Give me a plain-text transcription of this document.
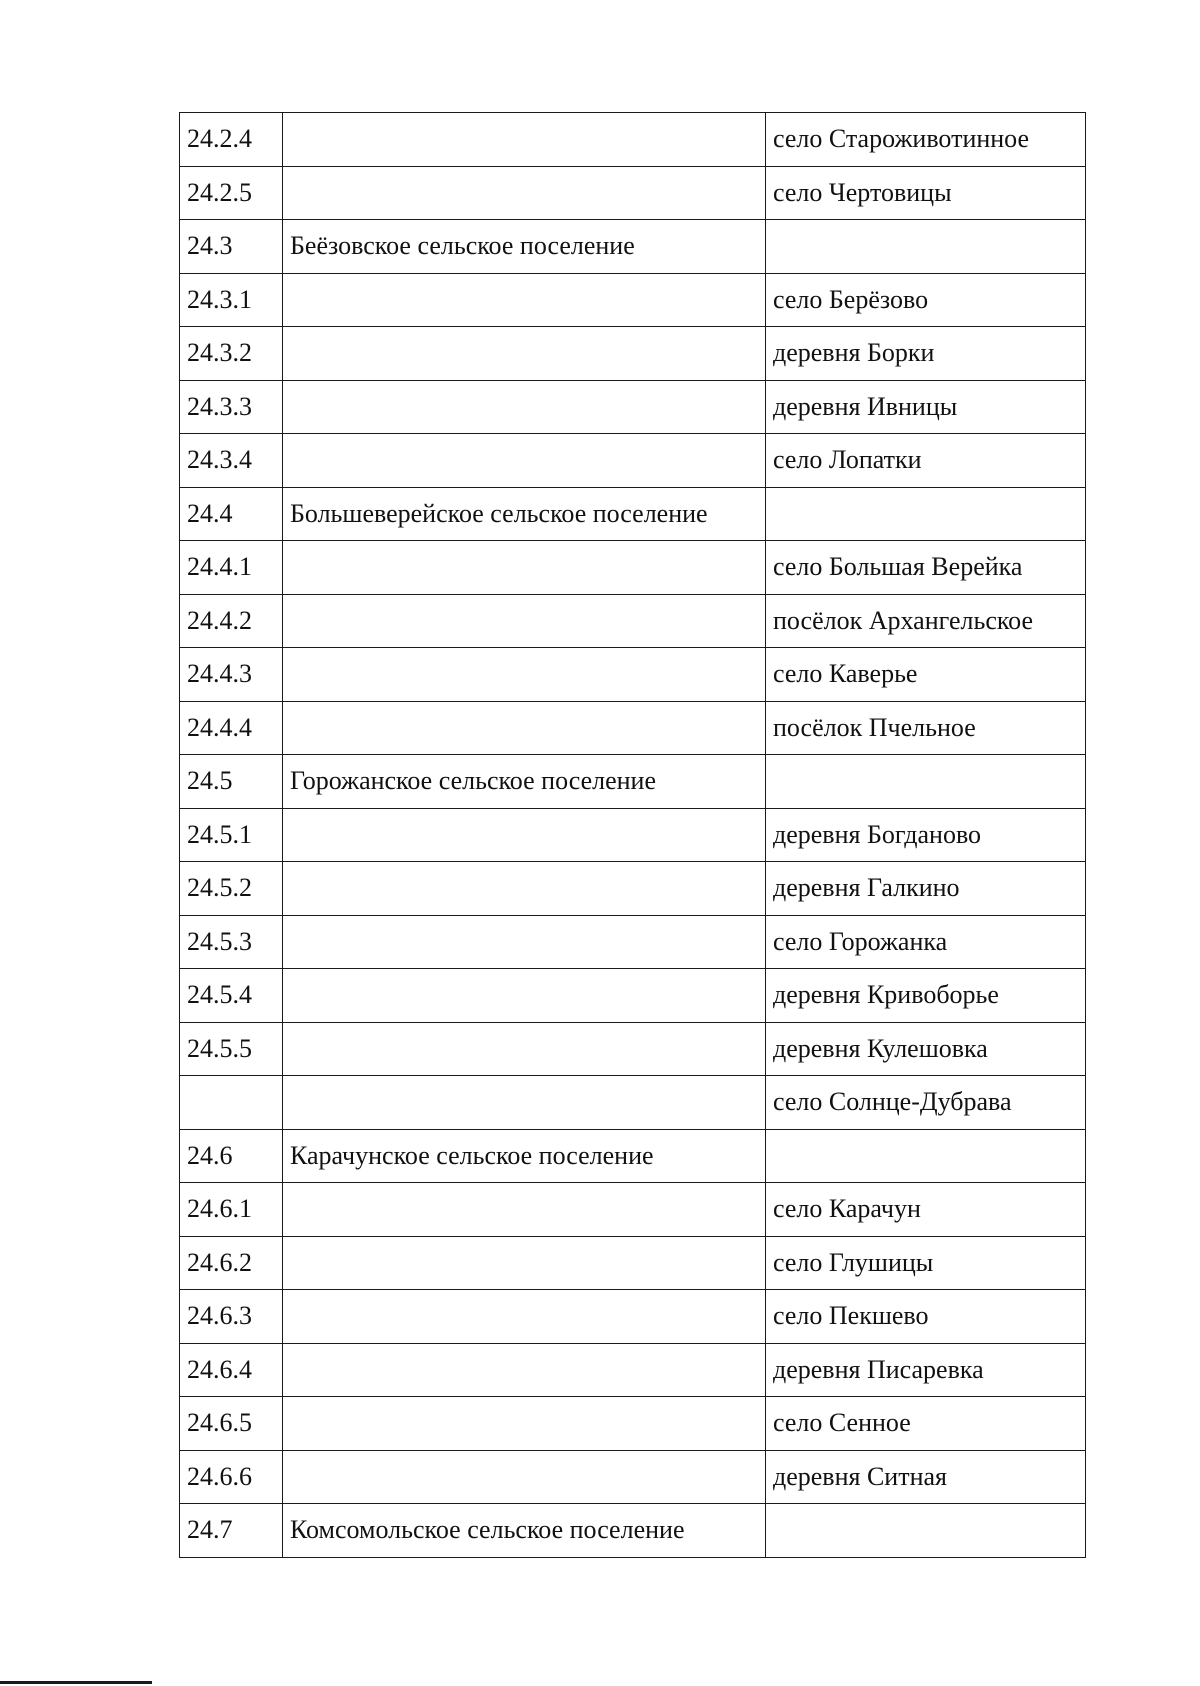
24.2.4		село Староживотинное
24.2.5		село Чертовицы
24.3	Беёзовское сельское поселение	
24.3.1		село Берёзово
24.3.2		деревня Борки
24.3.3		деревня Ивницы
24.3.4		село Лопатки
24.4	Большеверейское сельское поселение	
24.4.1		село Большая Верейка
24.4.2		посёлок Архангельское
24.4.3		село Каверье
24.4.4		посёлок Пчельное
24.5	Горожанское сельское поселение	
24.5.1		деревня Богданово
24.5.2		деревня Галкино
24.5.3		село Горожанка
24.5.4		деревня Кривоборье
24.5.5		деревня Кулешовка
		село Солнце-Дубрава
24.6	Карачунское сельское поселение	
24.6.1		село Карачун
24.6.2		село Глушицы
24.6.3		село Пекшево
24.6.4		деревня Писаревка
24.6.5		село Сенное
24.6.6		деревня Ситная
24.7	Комсомольское сельское поселение	
